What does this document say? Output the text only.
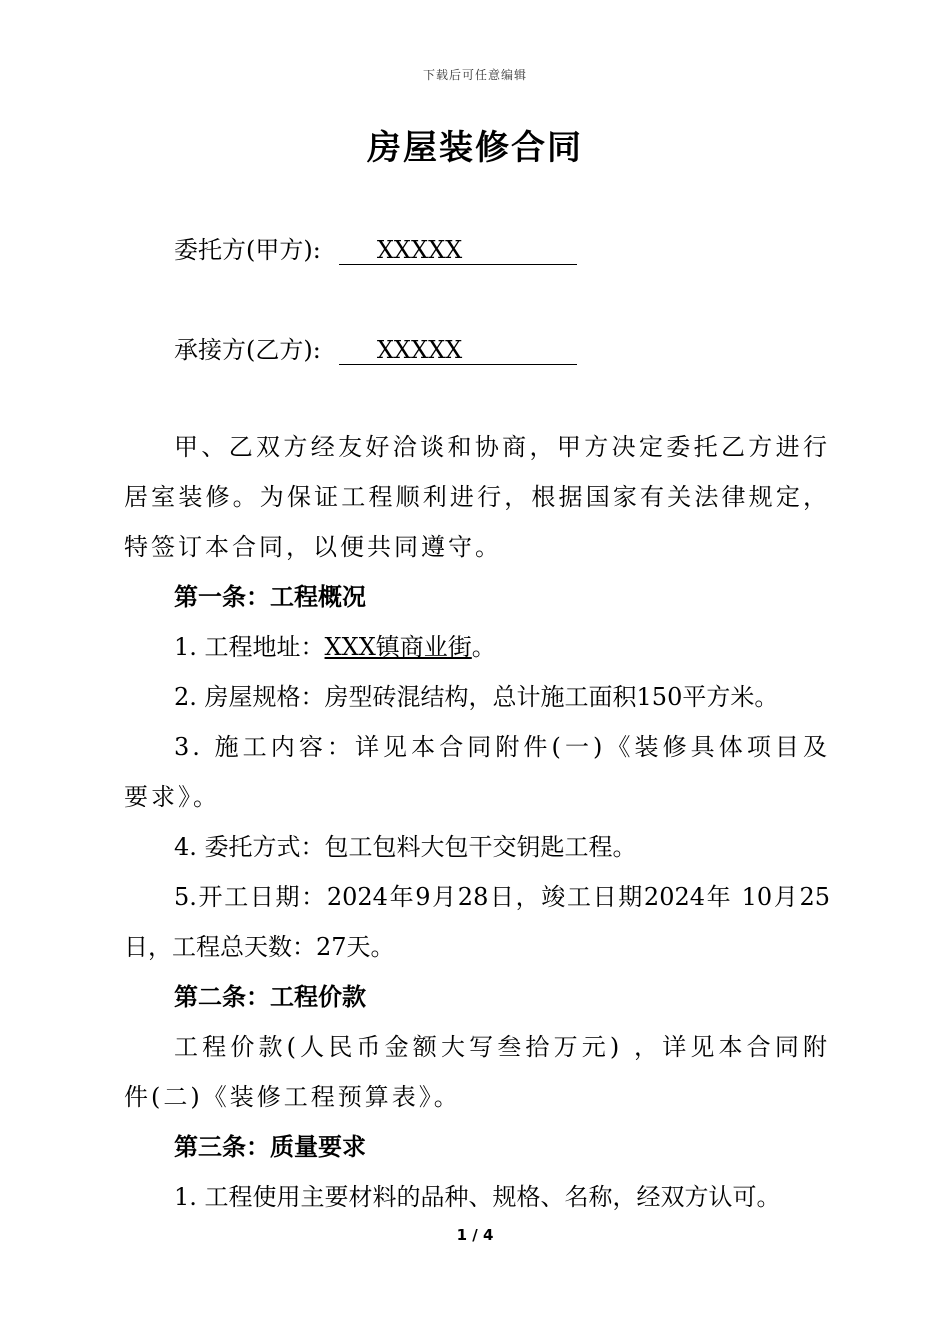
下载后可任意编辑
房屋装修合同
委托方(甲方): XXXXX
承接方(乙方): XXXXX

甲、乙双方经友好洽谈和协商，甲方决定委托乙方进行居室装修。为保证工程顺利进行，根据国家有关法律规定，特签订本合同，以便共同遵守。

第一条：工程概况

1. 工程地址：XXX镇商业街。

2. 房屋规格：房型砖混结构，总计施工面积150平方米。

3. 施工内容：详见本合同附件(一)《装修具体项目及要求》。

4. 委托方式：包工包料大包干交钥匙工程。

5.开工日期：2024年9月28日，竣工日期2024年 10月25日，工程总天数：27天。

第二条：工程价款

工程价款(人民币金额大写叁拾万元) ，详见本合同附件(二)《装修工程预算表》。

第三条：质量要求

1. 工程使用主要材料的品种、规格、名称，经双方认可。

1 / 4
